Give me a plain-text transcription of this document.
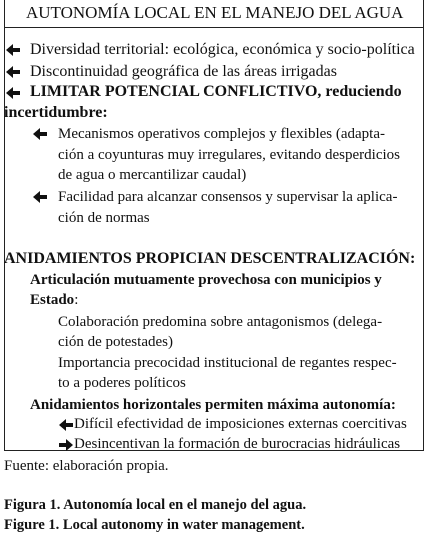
AUTONOMÍA LOCAL EN EL MANEJO DEL AGUA
Diversidad territorial: ecológica, económica y socio-política
Discontinuidad geográfica de las áreas irrigadas
LIMITAR POTENCIAL CONFLICTIVO, reduciendo
incertidumbre:
Mecanismos operativos complejos y flexibles (adapta-
ción a coyunturas muy irregulares, evitando desperdicios
de agua o mercantilizar caudal)
Facilidad para alcanzar consensos y supervisar la aplica-
ción de normas
ANIDAMIENTOS PROPICIAN DESCENTRALIZACIÓN:
Articulación mutuamente provechosa con municipios y
Estado:
Colaboración predomina sobre antagonismos (delega-
ción de potestades)
Importancia precocidad institucional de regantes respec-
to a poderes políticos
Anidamientos horizontales permiten máxima autonomía:
Difícil efectividad de imposiciones externas coercitivas
Desincentivan la formación de burocracias hidráulicas
Fuente: elaboración propia.
Figura 1. Autonomía local en el manejo del agua.
Figure 1. Local autonomy in water management.
